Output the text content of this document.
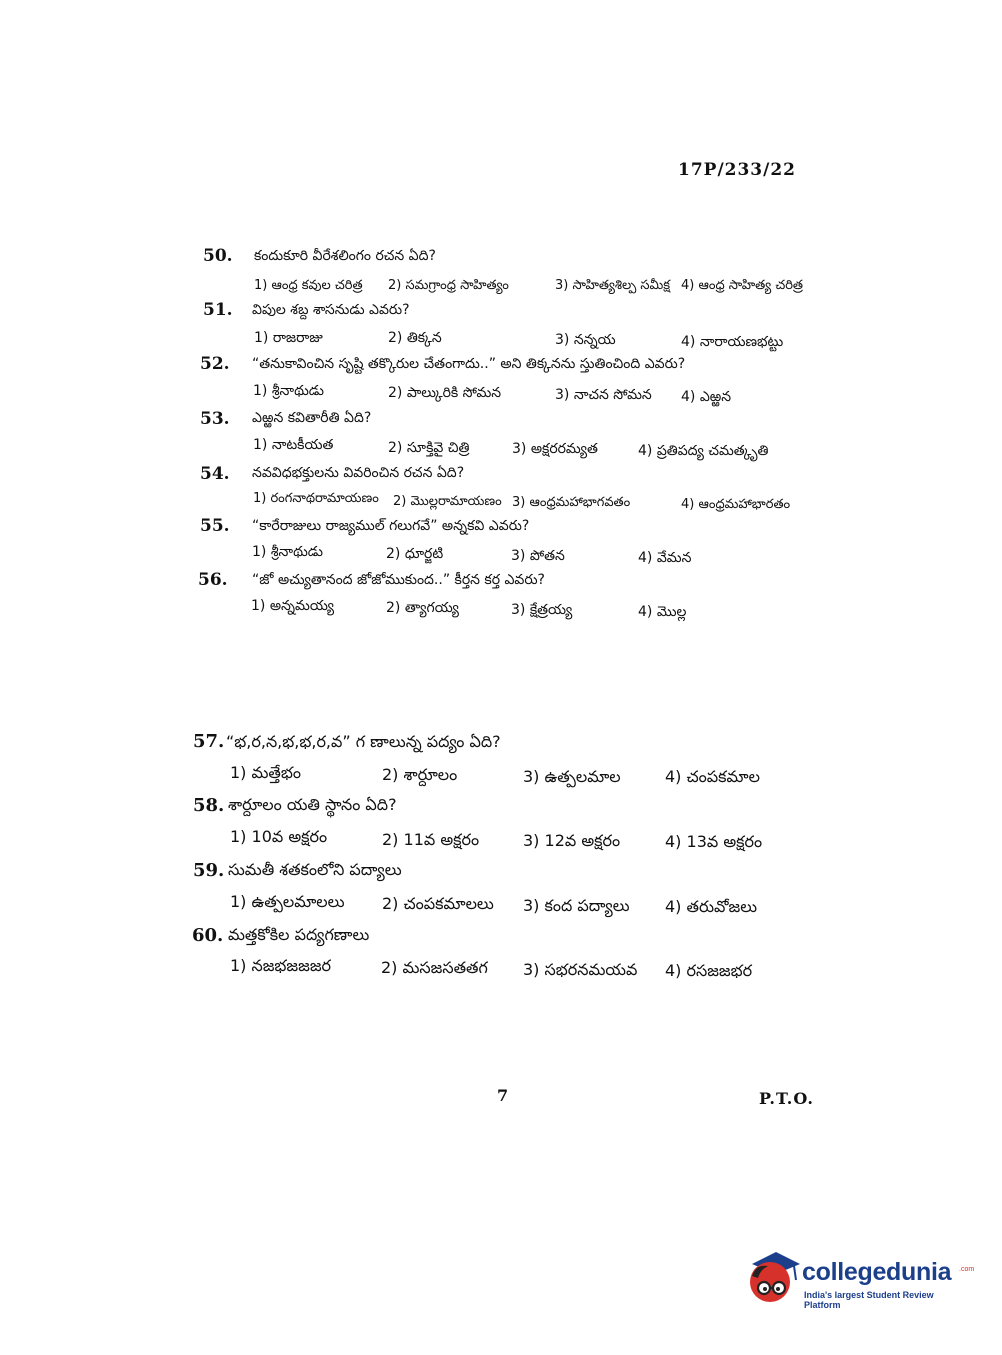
17P/233/22
50. కందుకూరి వీరేశలింగం రచన ఏది?
1) ఆంధ్ర కవుల చరిత్ర 2) సమగ్రాంధ్ర సాహిత్యం	3) సాహిత్యశిల్ప సమీక్ష 4) ఆంధ్ర సాహిత్య చరిత్ర
51. విపుల శబ్ద శాసనుడు ఎవరు?
1) రాజరాజు	2) తిక్కన	3) నన్నయ	4) నారాయణభట్టు
52. “తనుకావించిన సృష్టి తక్కొరుల చేతంగాదు..” అని తిక్కనను స్తుతించింది ఎవరు?
1) శ్రీనాథుడు	2) పాల్కురికి సోమన	3) నాచన సోమన 4) ఎఱ్ఱన
53. ఎఱ్ఱన కవితారీతి ఏది?
1) నాటకీయత	2) సూక్తివై చిత్రి	3) అక్షరరమ్యత	4) ప్రతిపద్య చమత్కృతి
54. నవవిధభక్తులను వివరించిన రచన ఏది?
1) రంగనాథరామాయణం 2) మొల్లరామాయణం 3) ఆంధ్రమహాభాగవతం	4) ఆంధ్రమహాభారతం
55. “కారేరాజులు రాజ్యముల్ గలుగవే” అన్నకవి ఎవరు?
1) శ్రీనాథుడు	2) ధూర్జటి	3) పోతన	4) వేమన
56. “జో అచ్యుతానంద జోజోముకుంద..” కీర్తన కర్త ఎవరు?
1) అన్నమయ్య	2) త్యాగయ్య	3) క్షేత్రయ్య	4) మొల్ల
57. “భ,ర,న,భ,భ,ర,వ” గ ణాలున్న పద్యం ఏది?
1) మత్తేభం	2) శార్దూలం	3) ఉత్పలమాల	4) చంపకమాల
58. శార్దూలం యతి స్థానం ఏది?
1) 10వ అక్షరం	2) 11వ అక్షరం	3) 12వ అక్షరం	4) 13వ అక్షరం
59. సుమతీ శతకంలోని పద్యాలు
1) ఉత్పలమాలలు 2) చంపకమాలలు 3) కంద పద్యాలు 4) తరువోజలు
60. మత్తకోకిల పద్యగణాలు
1) నజభజజజర	2) మసజసతతగ 3) సభరనమయవ 4) రసజజభర
7	P.T.O.
collegedunia .com
India's largest Student Review Platform
